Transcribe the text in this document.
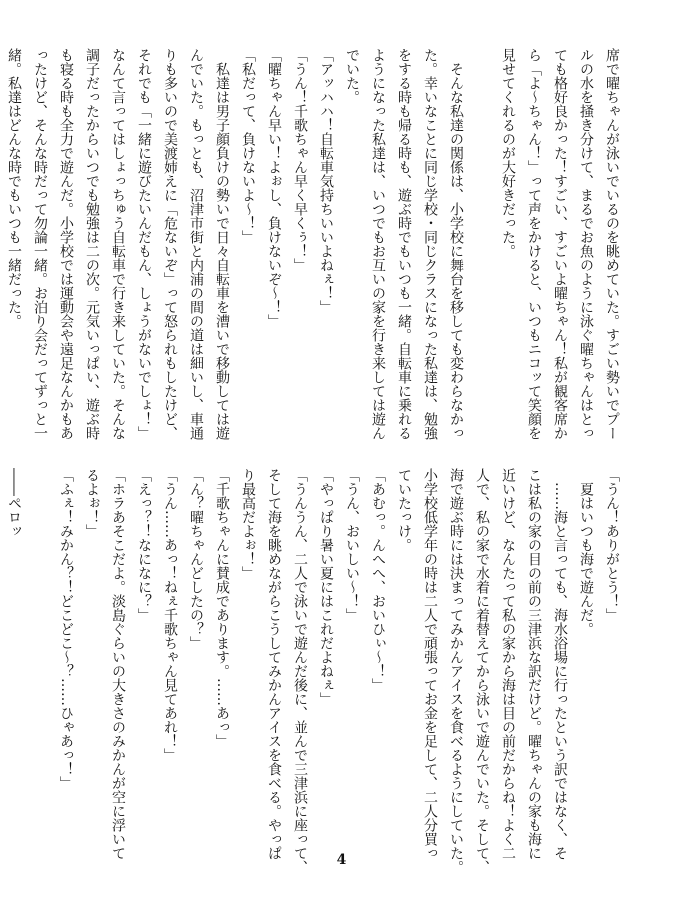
席で曜ちゃんが泳いでいるのを眺めていた。すごい勢いでプー
ルの水を掻き分けて、まるでお魚のように泳ぐ曜ちゃんはとっ
ても格好良かった！すごい、すごいよ曜ちゃん！私が観客席か
ら「よ〜ちゃん！」って声をかけると、いつもニコッて笑顔を
見せてくれるのが大好きだった。

　そんな私達の関係は、小学校に舞台を移しても変わらなかっ
た。幸いなことに同じ学校・同じクラスになった私達は、勉強
をする時も帰る時も、遊ぶ時でもいつも一緒。自転車に乗れる
ようになった私達は、いつでもお互いの家を行き来しては遊ん
でいた。
「アッハハ！自転車気持ちいいよねぇ！」
「うん！千歌ちゃん早く早くぅ！」
「曜ちゃん早い！よぉし、負けないぞ〜！」
「私だって、負けないよ〜！」
　私達は男子顔負けの勢いで日々自転車を漕いで移動しては遊
んでいた。もっとも、沼津市街と内浦の間の道は細いし、車通
りも多いので美渡姉えに「危ないぞ」って怒られもしたけど、
それでも「一緒に遊びたいんだもん、しょうがないでしょ！」
なんて言ってはしょっちゅう自転車で行き来していた。そんな
調子だったからいつでも勉強は二の次。元気いっぱい、遊ぶ時
も寝る時も全力で遊んだ。小学校では運動会や遠足なんかもあ
ったけど、そんな時だって勿論一緒。お泊り会だってずっと一
緒。私達はどんな時でもいつも一緒だった。

「うん！ありがとう！」
　夏はいつも海で遊んだ。
　……海と言っても、海水浴場に行ったという訳ではなく、そ
こは私の家の目の前の三津浜な訳だけど。曜ちゃんの家も海に
近いけど、なんたって私の家から海は目の前だからね！よく二
人で、私の家で水着に着替えてから泳いで遊んでいた。そして、
海で遊ぶ時には決まってみかんアイスを食べるようにしていた。
小学校低学年の時は二人で頑張ってお金を足して、二人分買っ
ていたっけ。
「あむっ。んへへ、おいひぃ〜！」
「うん、おいしい〜！」
「やっぱり暑い夏にはこれだよねぇ」
「うんうん、二人で泳いで遊んだ後に、並んで三津浜に座って、
そして海を眺めながらこうしてみかんアイスを食べる。やっぱ
り最高だよぉ！」
「千歌ちゃんに賛成であります。……あっ」
「ん？曜ちゃんどしたの？」
「うん……あっ！ねぇ千歌ちゃん見てあれ！」
「えっ？！なになに？」
「ホラあそこだよ。淡島ぐらいの大きさのみかんが空に浮いて
るよぉ！」
「ふぇ！みかん？！どこどこ〜？……ひゃあっ！」

――ペロッ

4
